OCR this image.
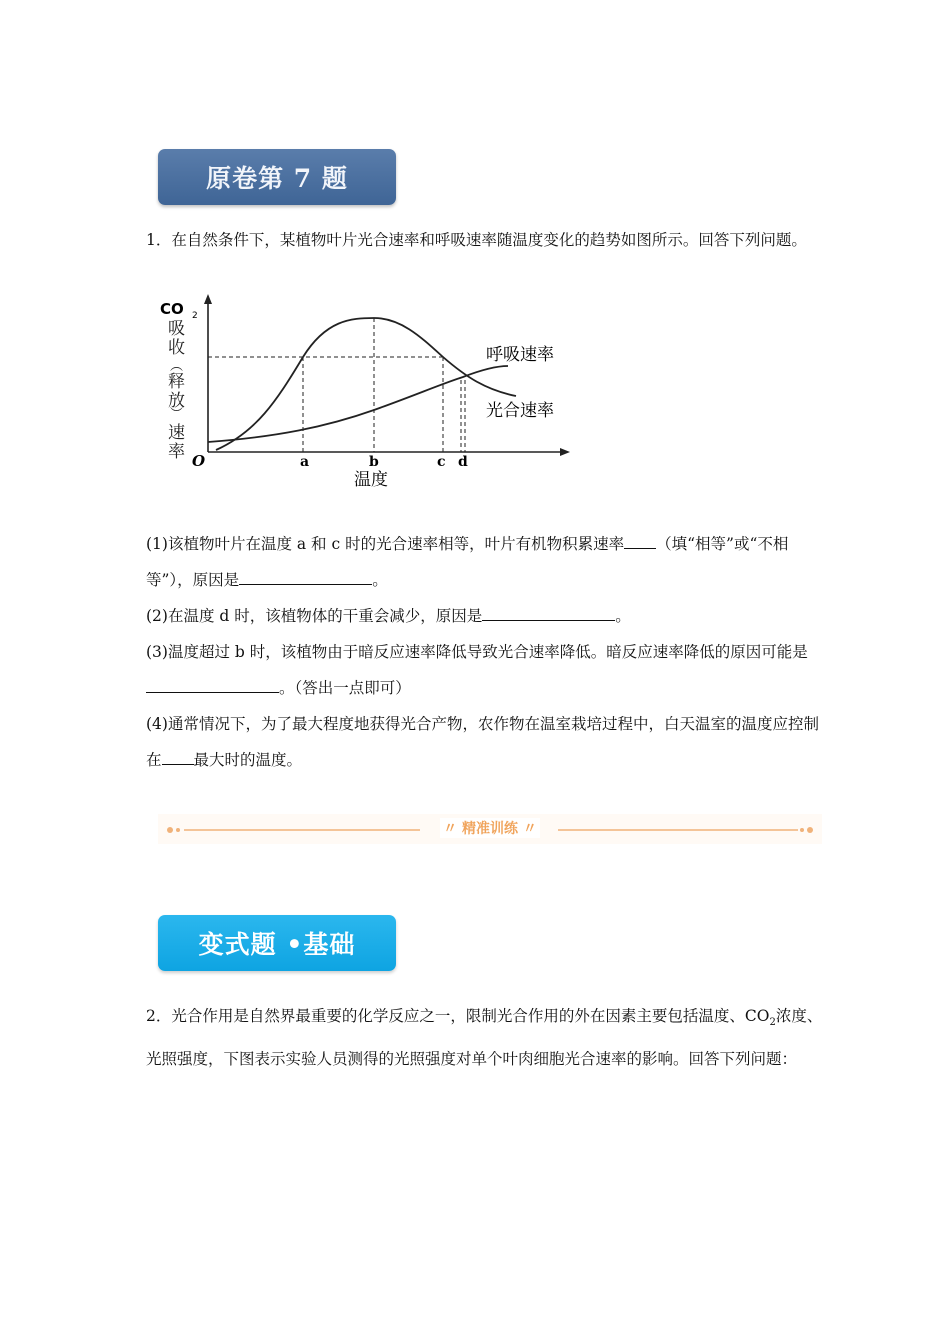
原卷第 7 题

1．在自然条件下，某植物叶片光合速率和呼吸速率随温度变化的趋势如图所示。回答下列问题。

CO 2
吸
收
︵
释
放
︶
速
率 O	a	b	c d
温度
呼吸速率
光合速率
(1)该植物叶片在温度 a 和 c 时的光合速率相等，叶片有机物积累速率 （填“相等”或“不相等”），原因是	。
(2)在温度 d 时，该植物体的干重会减少，原因是	。
(3)温度超过 b 时，该植物由于暗反应速率降低导致光合速率降低。暗反应速率降低的原因可能是。（答出一点即可）
(4)通常情况下，为了最大程度地获得光合产物，农作物在温室栽培过程中，白天温室的温度应控制在 最大时的温度。
〃 精准训练 〃
变式题 •基础

2．光合作用是自然界最重要的化学反应之一，限制光合作用的外在因素主要包括温度、$CO_2$浓度、光照强度，下图表示实验人员测得的光照强度对单个叶肉细胞光合速率的影响。回答下列问题：
